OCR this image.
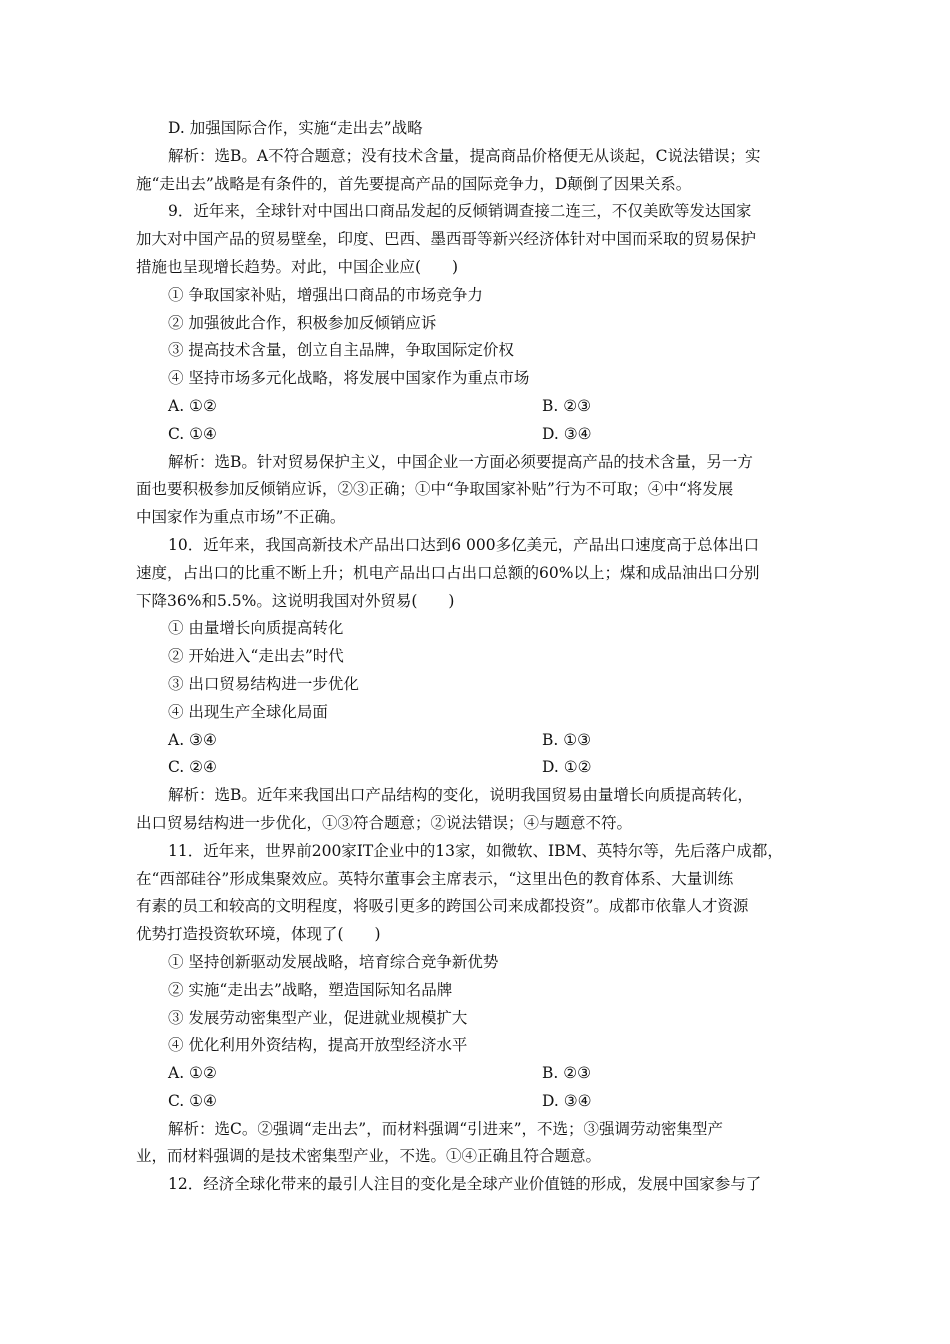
D. 加强国际合作，实施“走出去”战略
解析：选B。A不符合题意；没有技术含量，提高商品价格便无从谈起，C说法错误；实
施“走出去”战略是有条件的，首先要提高产品的国际竞争力，D颠倒了因果关系。
9．近年来，全球针对中国出口商品发起的反倾销调查接二连三，不仅美欧等发达国家
加大对中国产品的贸易壁垒，印度、巴西、墨西哥等新兴经济体针对中国而采取的贸易保护
措施也呈现增长趋势。对此，中国企业应(　　)
① 争取国家补贴，增强出口商品的市场竞争力
② 加强彼此合作，积极参加反倾销应诉
③ 提高技术含量，创立自主品牌，争取国际定价权
④ 坚持市场多元化战略，将发展中国家作为重点市场
A. ①②	B. ②③
C. ①④	D. ③④
解析：选B。针对贸易保护主义，中国企业一方面必须要提高产品的技术含量，另一方
面也要积极参加反倾销应诉，②③正确；①中“争取国家补贴”行为不可取；④中“将发展
中国家作为重点市场”不正确。
10．近年来，我国高新技术产品出口达到6 000多亿美元，产品出口速度高于总体出口
速度，占出口的比重不断上升；机电产品出口占出口总额的60%以上；煤和成品油出口分别
下降36%和5.5%。这说明我国对外贸易(　　)
① 由量增长向质提高转化
② 开始进入“走出去”时代
③ 出口贸易结构进一步优化
④ 出现生产全球化局面
A. ③④	B. ①③
C. ②④	D. ①②
解析：选B。近年来我国出口产品结构的变化，说明我国贸易由量增长向质提高转化，
出口贸易结构进一步优化，①③符合题意；②说法错误；④与题意不符。
11．近年来，世界前200家IT企业中的13家，如微软、IBM、英特尔等，先后落户成都，
在“西部硅谷”形成集聚效应。英特尔董事会主席表示，“这里出色的教育体系、大量训练
有素的员工和较高的文明程度，将吸引更多的跨国公司来成都投资”。成都市依靠人才资源
优势打造投资软环境，体现了(　　)
① 坚持创新驱动发展战略，培育综合竞争新优势
② 实施“走出去”战略，塑造国际知名品牌
③ 发展劳动密集型产业，促进就业规模扩大
④ 优化利用外资结构，提高开放型经济水平
A. ①②	B. ②③
C. ①④	D. ③④
解析：选C。②强调“走出去”，而材料强调“引进来”，不选；③强调劳动密集型产
业，而材料强调的是技术密集型产业，不选。①④正确且符合题意。
12．经济全球化带来的最引人注目的变化是全球产业价值链的形成，发展中国家参与了
